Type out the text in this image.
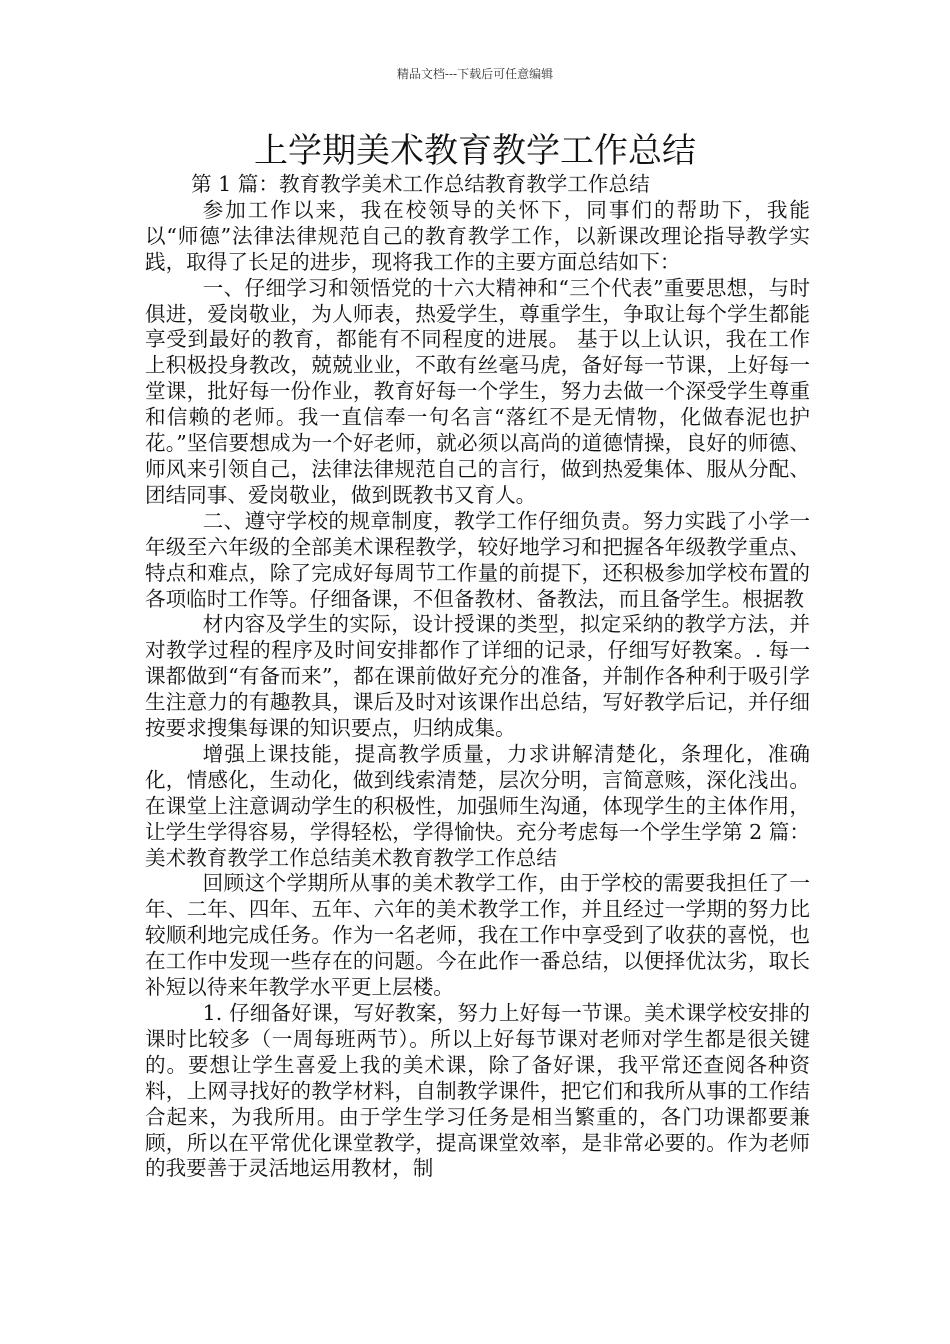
精品文档---下载后可任意编辑
上学期美术教育教学工作总结

第 1 篇：教育教学美术工作总结教育教学工作总结

参加工作以来，我在校领导的关怀下，同事们的帮助下，我能以“师德”法律法律规范自己的教育教学工作，以新课改理论指导教学实践，取得了长足的进步，现将我工作的主要方面总结如下：

一、仔细学习和领悟党的十六大精神和“三个代表”重要思想，与时俱进，爱岗敬业，为人师表，热爱学生，尊重学生，争取让每个学生都能享受到最好的教育，都能有不同程度的进展。 基于以上认识，我在工作上积极投身教改，兢兢业业，不敢有丝毫马虎，备好每一节课，上好每一堂课，批好每一份作业，教育好每一个学生，努力去做一个深受学生尊重和信赖的老师。我一直信奉一句名言“落红不是无情物，化做春泥也护花。”坚信要想成为一个好老师，就必须以高尚的道德情操，良好的师德、师风来引领自己，法律法律规范自己的言行，做到热爱集体、服从分配、团结同事、爱岗敬业，做到既教书又育人。

二、遵守学校的规章制度，教学工作仔细负责。努力实践了小学一年级至六年级的全部美术课程教学，较好地学习和把握各年级教学重点、特点和难点，除了完成好每周节工作量的前提下，还积极参加学校布置的各项临时工作等。仔细备课，不但备教材、备教法，而且备学生。根据教

材内容及学生的实际，设计授课的类型，拟定采纳的教学方法，并对教学过程的程序及时间安排都作了详细的记录，仔细写好教案。. 每一课都做到“有备而来”，都在课前做好充分的准备，并制作各种利于吸引学生注意力的有趣教具，课后及时对该课作出总结，写好教学后记，并仔细按要求搜集每课的知识要点，归纳成集。

增强上课技能，提高教学质量，力求讲解清楚化，条理化，准确化，情感化，生动化，做到线索清楚，层次分明，言简意赅，深化浅出。在课堂上注意调动学生的积极性，加强师生沟通，体现学生的主体作用，让学生学得容易，学得轻松，学得愉快。充分考虑每一个学生学第 2 篇：美术教育教学工作总结美术教育教学工作总结

回顾这个学期所从事的美术教学工作，由于学校的需要我担任了一年、二年、四年、五年、六年的美术教学工作，并且经过一学期的努力比较顺利地完成任务。作为一名老师，我在工作中享受到了收获的喜悦，也在工作中发现一些存在的问题。今在此作一番总结，以便择优汰劣，取长补短以待来年教学水平更上层楼。

1. 仔细备好课，写好教案，努力上好每一节课。美术课学校安排的课时比较多（一周每班两节）。所以上好每节课对老师对学生都是很关键的。要想让学生喜爱上我的美术课，除了备好课，我平常还查阅各种资料，上网寻找好的教学材料，自制教学课件，把它们和我所从事的工作结合起来，为我所用。由于学生学习任务是相当繁重的，各门功课都要兼顾，所以在平常优化课堂教学，提高课堂效率，是非常必要的。作为老师的我要善于灵活地运用教材，制
